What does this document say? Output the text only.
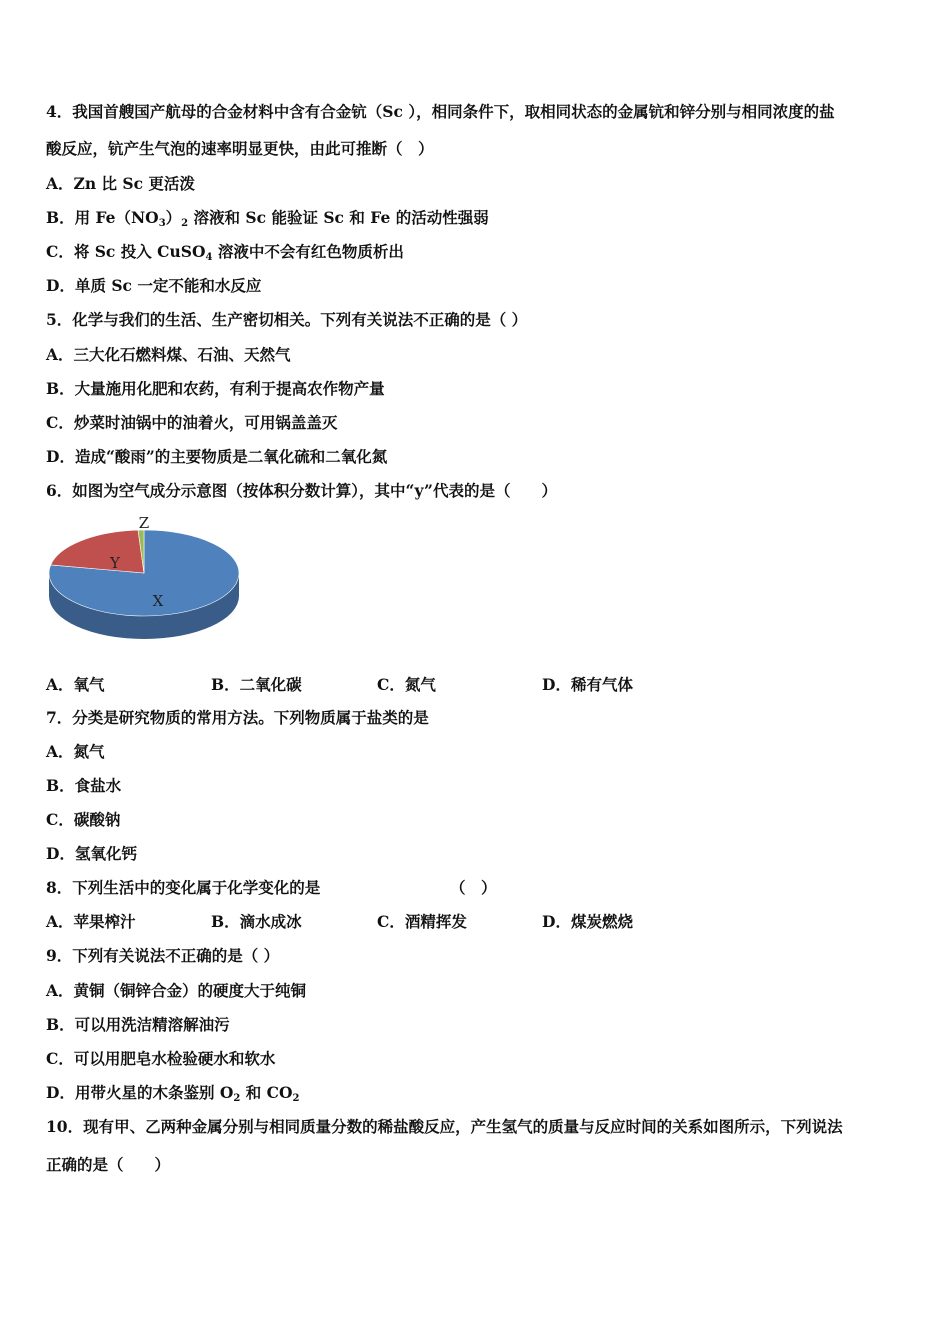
4．我国首艘国产航母的合金材料中含有合金钪（Sc ），相同条件下，取相同状态的金属钪和锌分别与相同浓度的盐
酸反应，钪产生气泡的速率明显更快，由此可推断（　）
A．Zn 比 Sc 更活泼
B．用 $Fe(NO_3)_2$ 溶液和 Sc 能验证 Sc 和 Fe 的活动性强弱
C．将 Sc 投入 CuSO$_4$ 溶液中不会有红色物质析出
D．单质 Sc 一定不能和水反应
5．化学与我们的生活、生产密切相关。下列有关说法不正确的是（ ）
A．三大化石燃料煤、石油、天然气
B．大量施用化肥和农药，有利于提高农作物产量
C．炒菜时油锅中的油着火，可用锅盖盖灭
D．造成“酸雨”的主要物质是二氧化硫和二氧化氮
6．如图为空气成分示意图（按体积分数计算），其中“y”代表的是（　　）
X
Y
Z
A．氧气	B．二氧化碳	C．氮气	D．稀有气体
7．分类是研究物质的常用方法。下列物质属于盐类的是
A．氮气
B．食盐水
C．碳酸钠
D．氢氧化钙
8．下列生活中的变化属于化学变化的是	（　）
A．苹果榨汁	B．滴水成冰	C．酒精挥发	D．煤炭燃烧
9．下列有关说法不正确的是（ ）
A．黄铜（铜锌合金）的硬度大于纯铜
B．可以用洗洁精溶解油污
C．可以用肥皂水检验硬水和软水
D．用带火星的木条鉴别 $O_2$ 和 $CO_2$
10．现有甲、乙两种金属分别与相同质量分数的稀盐酸反应，产生氢气的质量与反应时间的关系如图所示，下列说法
正确的是（　　）
